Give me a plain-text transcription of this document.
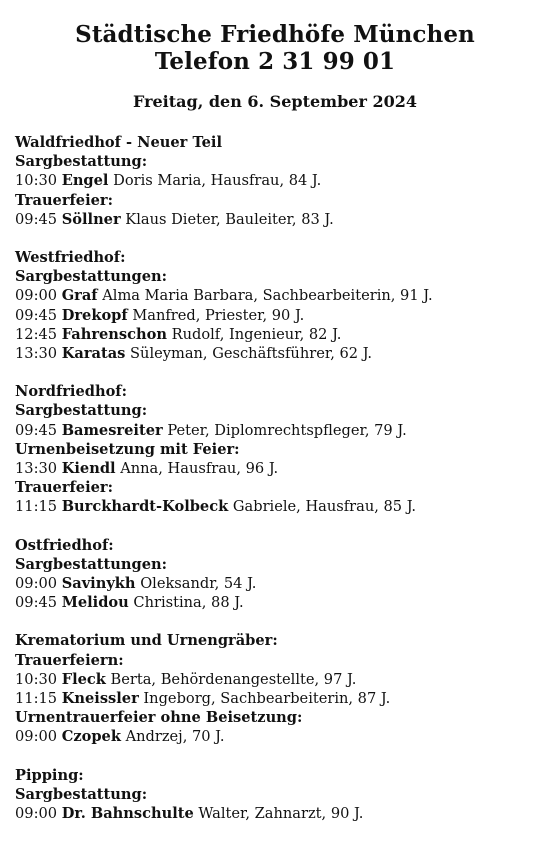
Städtische Friedhöfe München
Telefon 2 31 99 01
Freitag, den 6. September 2024
Waldfriedhof - Neuer Teil
Sargbestattung:
10:30 Engel Doris Maria, Hausfrau, 84 J.
Trauerfeier:
09:45 Söllner Klaus Dieter, Bauleiter, 83 J.
Westfriedhof:
Sargbestattungen:
09:00 Graf Alma Maria Barbara, Sachbearbeiterin, 91 J.
09:45 Drekopf Manfred, Priester, 90 J.
12:45 Fahrenschon Rudolf, Ingenieur, 82 J.
13:30 Karatas Süleyman, Geschäftsführer, 62 J.
Nordfriedhof:
Sargbestattung:
09:45 Bamesreiter Peter, Diplomrechtspfleger, 79 J.
Urnenbeisetzung mit Feier:
13:30 Kiendl Anna, Hausfrau, 96 J.
Trauerfeier:
11:15 Burckhardt-Kolbeck Gabriele, Hausfrau, 85 J.
Ostfriedhof:
Sargbestattungen:
09:00 Savinykh Oleksandr, 54 J.
09:45 Melidou Christina, 88 J.
Krematorium und Urnengräber:
Trauerfeiern:
10:30 Fleck Berta, Behördenangestellte, 97 J.
11:15 Kneissler Ingeborg, Sachbearbeiterin, 87 J.
Urnentrauerfeier ohne Beisetzung:
09:00 Czopek Andrzej, 70 J.
Pipping:
Sargbestattung:
09:00 Dr. Bahnschulte Walter, Zahnarzt, 90 J.
